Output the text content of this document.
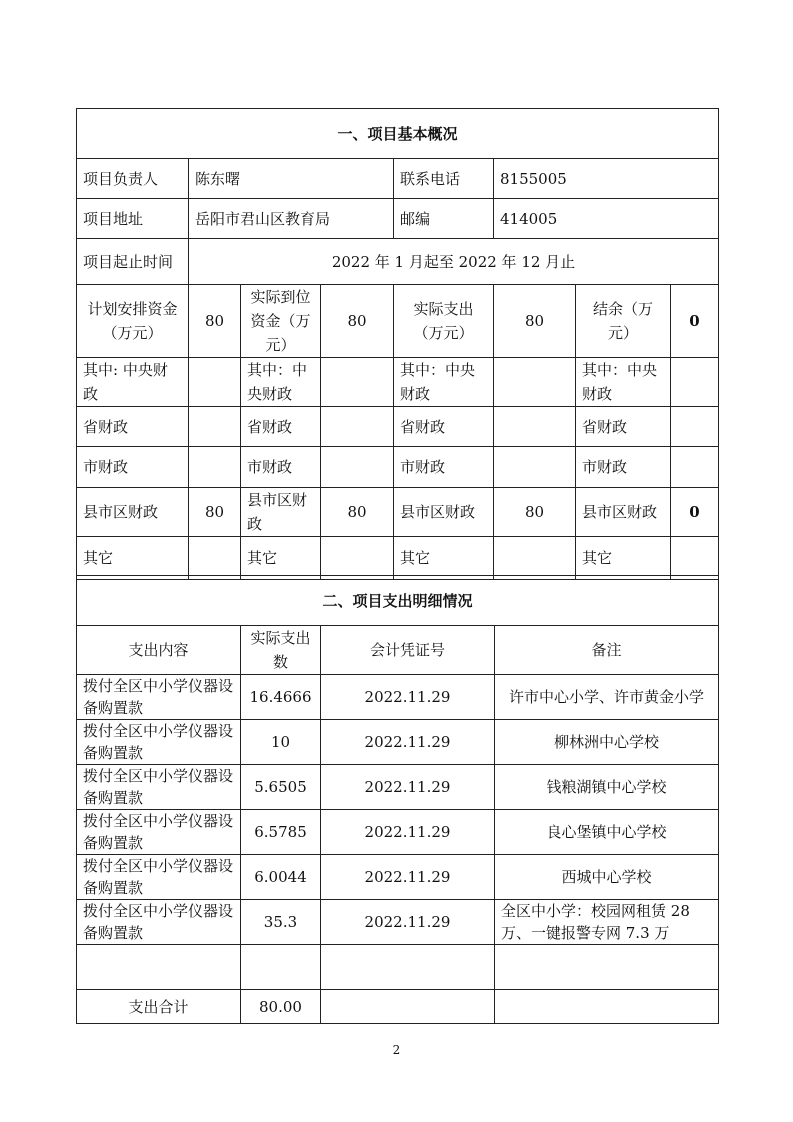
一、项目基本概况							
项目负责人	陈东曙			联系电话	8155005		
项目地址	岳阳市君山区教育局			邮编	414005		
项目起止时间	2022 年 1 月起至 2022 年 12 月止						
计划安排资金（万元）	80	实际到位资金（万元）	80	实际支出（万元）	80	结余（万元）	0
其中: 中央财政		其中：中央财政		其中：中央财政		其中：中央财政	
省财政		省财政		省财政		省财政	
市财政		市财政		市财政		市财政	
县市区财政	80	县市区财政	80	县市区财政	80	县市区财政	0
其它		其它		其它		其它	
二、项目支出明细情况			
支出内容	实际支出数	会计凭证号	备注
拨付全区中小学仪器设备购置款	16.4666	2022.11.29	许市中心小学、许市黄金小学
拨付全区中小学仪器设备购置款	10	2022.11.29	柳林洲中心学校
拨付全区中小学仪器设备购置款	5.6505	2022.11.29	钱粮湖镇中心学校
拨付全区中小学仪器设备购置款	6.5785	2022.11.29	良心堡镇中心学校
拨付全区中小学仪器设备购置款	6.0044	2022.11.29	西城中心学校
拨付全区中小学仪器设备购置款	35.3	2022.11.29	全区中小学：校园网租赁 28 万、一键报警专网 7.3 万

支出合计	80.00		
2
